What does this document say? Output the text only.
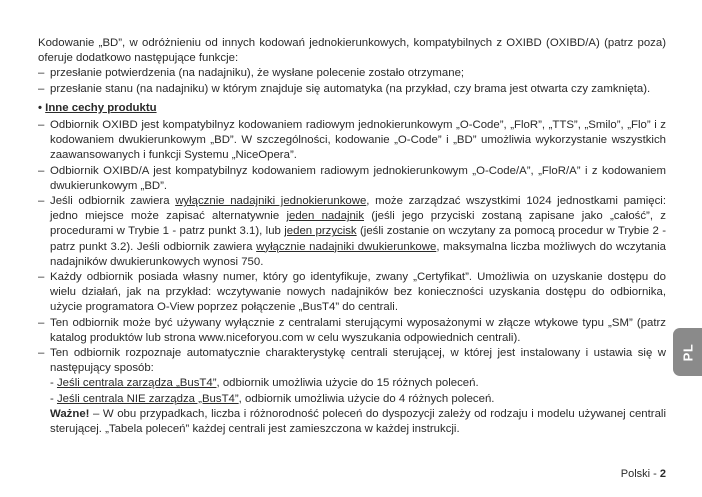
Kodowanie „BD”, w odróżnieniu od innych kodowań jednokierunkowych, kompatybilnych z OXIBD (OXIBD/A) (patrz poza) oferuje dodatkowo następujące funkcje:

– przesłanie potwierdzenia (na nadajniku), że wysłane polecenie zostało otrzymane;

– przesłanie stanu (na nadajniku) w którym znajduje się automatyka (na przykład, czy brama jest otwarta czy zamknięta).

• Inne cechy produktu

– Odbiornik OXIBD jest kompatybilnyz kodowaniem radiowym jednokierunkowym „O-Code”, „FloR”, „TTS”, „Smilo”, „Flo” i z kodowaniem dwukierunkowym „BD”. W szczególności, kodowanie „O-Code” i „BD” umożliwia wykorzystanie wszystkich zaawansowanych i funkcji Systemu „NiceOpera”.

– Odbiornik OXIBD/A jest kompatybilnyz kodowaniem radiowym jednokierunkowym „O-Code/A”, „FloR/A” i z kodowaniem dwukierunkowym „BD”.

– Jeśli odbiornik zawiera wyłącznie nadajniki jednokierunkowe, może zarządzać wszystkimi 1024 jednostkami pamięci: jedno miejsce może zapisać alternatywnie jeden nadajnik (jeśli jego przyciski zostaną zapisane jako „całość”, z procedurami w Trybie 1 - patrz punkt 3.1), lub jeden przycisk (jeśli zostanie on wczytany za pomocą procedur w Trybie 2 - patrz punkt 3.2). Jeśli odbiornik zawiera wyłącznie nadajniki dwukierunkowe, maksymalna liczba możliwych do wczytania nadajników dwukierunkowych wynosi 750.

– Każdy odbiornik posiada własny numer, który go identyfikuje, zwany „Certyfikat”. Umożliwia on uzyskanie dostępu do wielu działań, jak na przykład: wczytywanie nowych nadajników bez konieczności uzyskania dostępu do odbiornika, użycie programatora O-View poprzez połączenie „BusT4” do centrali.

– Ten odbiornik może być używany wyłącznie z centralami sterującymi wyposażonymi w złącze wtykowe typu „SM” (patrz katalog produktów lub strona www.niceforyou.com w celu wyszukania odpowiednich centrali).

– Ten odbiornik rozpoznaje automatycznie charakterystykę centrali sterującej, w której jest instalowany i ustawia się w następujący sposób:

- Jeśli centrala zarządza „BusT4”, odbiornik umożliwia użycie do 15 różnych poleceń.

- Jeśli centrala NIE zarządza „BusT4”, odbiornik umożliwia użycie do 4 różnych poleceń.

Ważne! – W obu przypadkach, liczba i różnorodność poleceń do dyspozycji zależy od rodzaju i modelu używanej centrali sterującej. „Tabela poleceń” każdej centrali jest zamieszczona w każdej instrukcji.

PL
Polski - 2
